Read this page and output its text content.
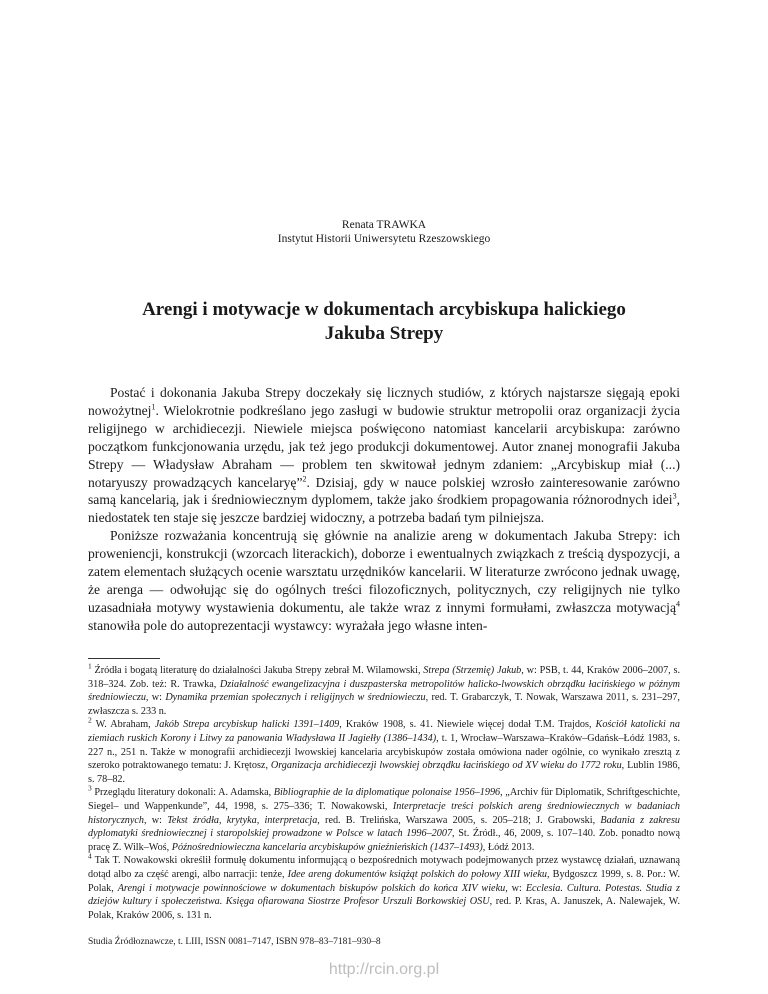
Renata TRAWKA
Instytut Historii Uniwersytetu Rzeszowskiego
Arengi i motywacje w dokumentach arcybiskupa halickiego
Jakuba Strepy

Postać i dokonania Jakuba Strepy doczekały się licznych studiów, z których najstarsze sięgają epoki nowożytnej$^1$. Wielokrotnie podkreślano jego zasługi w budowie struktur metropolii oraz organizacji życia religijnego w archidiecezji. Niewiele miejsca poświęcono natomiast kancelarii arcybiskupa: zarówno początkom funkcjonowania urzędu, jak też jego produkcji dokumentowej. Autor znanej monografii Jakuba Strepy — Władysław Abraham — problem ten skwitował jednym zdaniem: „Arcybiskup miał (...) notaryuszy prowadzących kancelaryę”$^2$. Dzisiaj, gdy w nauce polskiej wzrosło zainteresowanie zarówno samą kancelarią, jak i średniowiecznym dyplomem, także jako środkiem propagowania różnorodnych idei$^3$, niedostatek ten staje się jeszcze bardziej widoczny, a potrzeba badań tym pilniejsza.

Poniższe rozważania koncentrują się głównie na analizie areng w dokumentach Jakuba Strepy: ich proweniencji, konstrukcji (wzorcach literackich), doborze i ewentualnych związkach z treścią dyspozycji, a zatem elementach służących ocenie warsztatu urzędników kancelarii. W literaturze zwrócono jednak uwagę, że arenga — odwołując się do ogólnych treści filozoficznych, politycznych, czy religijnych nie tylko uzasadniała motywy wystawienia dokumentu, ale także wraz z innymi formułami, zwłaszcza motywacją$^4$ stanowiła pole do autoprezentacji wystawcy: wyrażała jego własne inten-

$^1$ Źródła i bogatą literaturę do działalności Jakuba Strepy zebrał M. Wilamowski, Strepa (Strzemię) Jakub, w: PSB, t. 44, Kraków 2006–2007, s. 318–324. Zob. też: R. Trawka, Działalność ewangelizacyjna i duszpasterska metropolitów halicko-lwowskich obrządku łacińskiego w późnym średniowieczu, w: Dynamika przemian społecznych i religijnych w średniowieczu, red. T. Grabarczyk, T. Nowak, Warszawa 2011, s. 231–297, zwłaszcza s. 233 n.

$^2$ W. Abraham, Jakób Strepa arcybiskup halicki 1391–1409, Kraków 1908, s. 41. Niewiele więcej dodał T.M. Trajdos, Kościół katolicki na ziemiach ruskich Korony i Litwy za panowania Władysława II Jagiełły (1386–1434), t. 1, Wrocław–Warszawa–Kraków–Gdańsk–Łódź 1983, s. 227 n., 251 n. Także w monografii archidiecezji lwowskiej kancelaria arcybiskupów została omówiona nader ogólnie, co wynikało zresztą z szeroko potraktowanego tematu: J. Krętosz, Organizacja archidiecezji lwowskiej obrządku łacińskiego od XV wieku do 1772 roku, Lublin 1986, s. 78–82.

$^3$ Przeglądu literatury dokonali: A. Adamska, Bibliographie de la diplomatique polonaise 1956–1996, „Archiv für Diplomatik, Schriftgeschichte, Siegel– und Wappenkunde”, 44, 1998, s. 275–336; T. Nowakowski, Interpretacje treści polskich areng średniowiecznych w badaniach historycznych, w: Tekst źródła, krytyka, interpretacja, red. B. Trelińska, Warszawa 2005, s. 205–218; J. Grabowski, Badania z zakresu dyplomatyki średniowiecznej i staropolskiej prowadzone w Polsce w latach 1996–2007, St. Źródł., 46, 2009, s. 107–140. Zob. ponadto nową pracę Z. Wilk–Woś, Późnośredniowieczna kancelaria arcybiskupów gnieźnieńskich (1437–1493), Łódź 2013.

$^4$ Tak T. Nowakowski określił formułę dokumentu informującą o bezpośrednich motywach podejmowanych przez wystawcę działań, uznawaną dotąd albo za część arengi, albo narracji: tenże, Idee areng dokumentów książąt polskich do połowy XIII wieku, Bydgoszcz 1999, s. 8. Por.: W. Polak, Arengi i motywacje powinnościowe w dokumentach biskupów polskich do końca XIV wieku, w: Ecclesia. Cultura. Potestas. Studia z dziejów kultury i społeczeństwa. Księga ofiarowana Siostrze Profesor Urszuli Borkowskiej OSU, red. P. Kras, A. Januszek, A. Nalewajek, W. Polak, Kraków 2006, s. 131 n.

Studia Źródłoznawcze, t. LIII, ISSN 0081–7147, ISBN 978–83–7181–930–8
http://rcin.org.pl
